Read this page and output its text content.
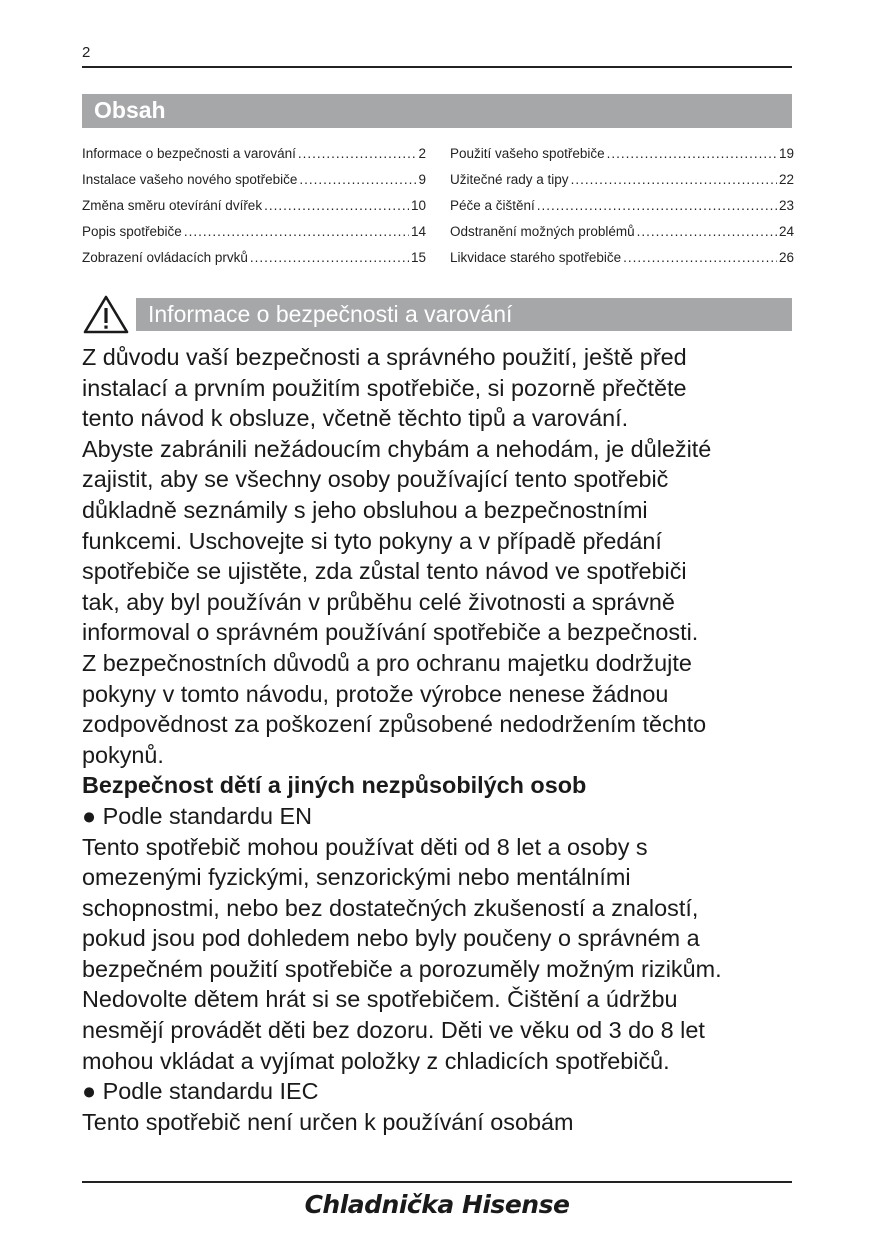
2
Obsah
Informace o bezpečnosti a varování .....	2
Instalace vašeho nového spotřebiče .....	9
Změna směru otevírání dvířek .....	10
Popis spotřebiče .....	14
Zobrazení ovládacích prvků .....	15
Použití vašeho spotřebiče .....	19
Užitečné rady a tipy .....	22
Péče a čištění .....	23
Odstranění možných problémů .....	24
Likvidace starého spotřebiče .....	26
Informace o bezpečnosti a varování
Z důvodu vaší bezpečnosti a správného použití, ještě před
instalací a prvním použitím spotřebiče, si pozorně přečtěte
tento návod k obsluze, včetně těchto tipů a varování.
Abyste zabránili nežádoucím chybám a nehodám, je důležité
zajistit, aby se všechny osoby používající tento spotřebič
důkladně seznámily s jeho obsluhou a bezpečnostními
funkcemi. Uschovejte si tyto pokyny a v případě předání
spotřebiče se ujistěte, zda zůstal tento návod ve spotřebiči
tak, aby byl používán v průběhu celé životnosti a správně
informoval o správném používání spotřebiče a bezpečnosti.
Z bezpečnostních důvodů a pro ochranu majetku dodržujte
pokyny v tomto návodu, protože výrobce nenese žádnou
zodpovědnost za poškození způsobené nedodržením těchto
pokynů.
Bezpečnost dětí a jiných nezpůsobilých osob
● Podle standardu EN
Tento spotřebič mohou používat děti od 8 let a osoby s
omezenými fyzickými, senzorickými nebo mentálními
schopnostmi, nebo bez dostatečných zkušeností a znalostí,
pokud jsou pod dohledem nebo byly poučeny o správném a
bezpečném použití spotřebiče a porozuměly možným rizikům.
Nedovolte dětem hrát si se spotřebičem. Čištění a údržbu
nesmějí provádět děti bez dozoru. Děti ve věku od 3 do 8 let
mohou vkládat a vyjímat položky z chladicích spotřebičů.
● Podle standardu IEC
Tento spotřebič není určen k používání osobám
Chladnička Hisense
